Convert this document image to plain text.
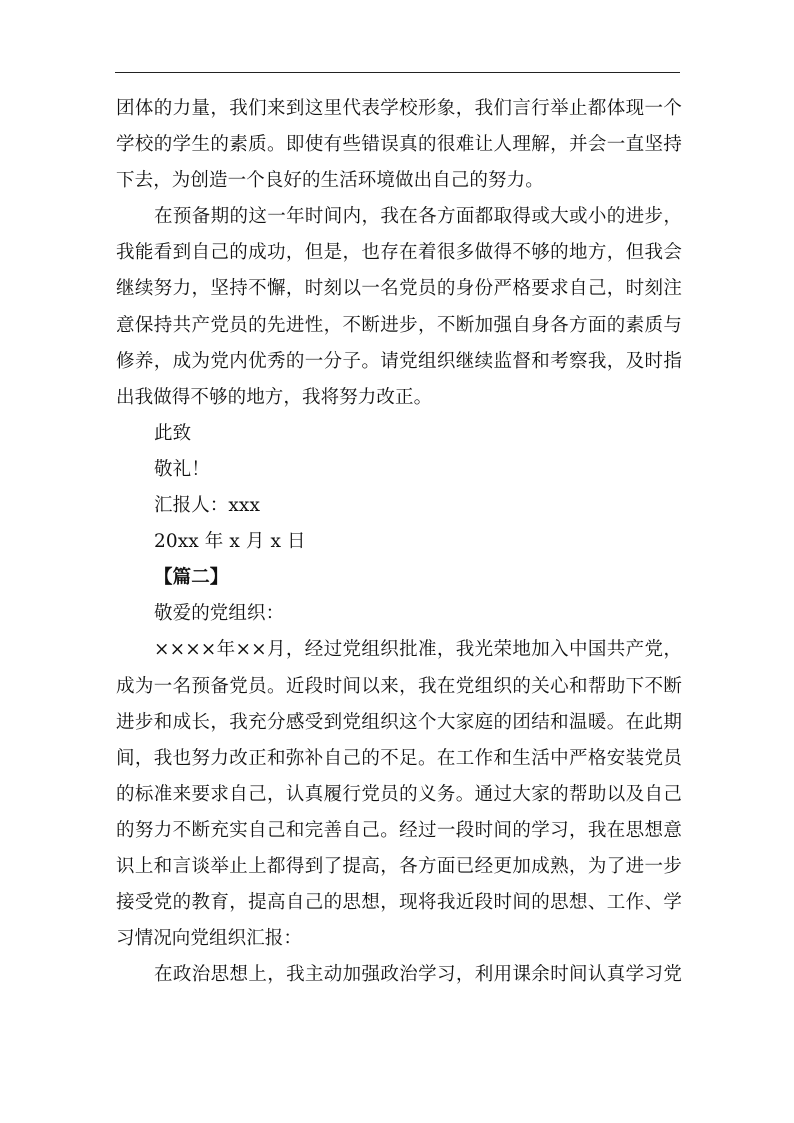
团体的力量，我们来到这里代表学校形象，我们言行举止都体现一个
学校的学生的素质。即使有些错误真的很难让人理解，并会一直坚持
下去，为创造一个良好的生活环境做出自己的努力。
在预备期的这一年时间内，我在各方面都取得或大或小的进步，
我能看到自己的成功，但是，也存在着很多做得不够的地方，但我会
继续努力，坚持不懈，时刻以一名党员的身份严格要求自己，时刻注
意保持共产党员的先进性，不断进步，不断加强自身各方面的素质与
修养，成为党内优秀的一分子。请党组织继续监督和考察我，及时指
出我做得不够的地方，我将努力改正。
此致
敬礼！
汇报人：xxx
20xx 年 x 月 x 日
【篇二】
敬爱的党组织：
××××年××月，经过党组织批准，我光荣地加入中国共产党，
成为一名预备党员。近段时间以来，我在党组织的关心和帮助下不断
进步和成长，我充分感受到党组织这个大家庭的团结和温暖。在此期
间，我也努力改正和弥补自己的不足。在工作和生活中严格安装党员
的标准来要求自己，认真履行党员的义务。通过大家的帮助以及自己
的努力不断充实自己和完善自己。经过一段时间的学习，我在思想意
识上和言谈举止上都得到了提高，各方面已经更加成熟，为了进一步
接受党的教育，提高自己的思想，现将我近段时间的思想、工作、学
习情况向党组织汇报：
在政治思想上，我主动加强政治学习，利用课余时间认真学习党
